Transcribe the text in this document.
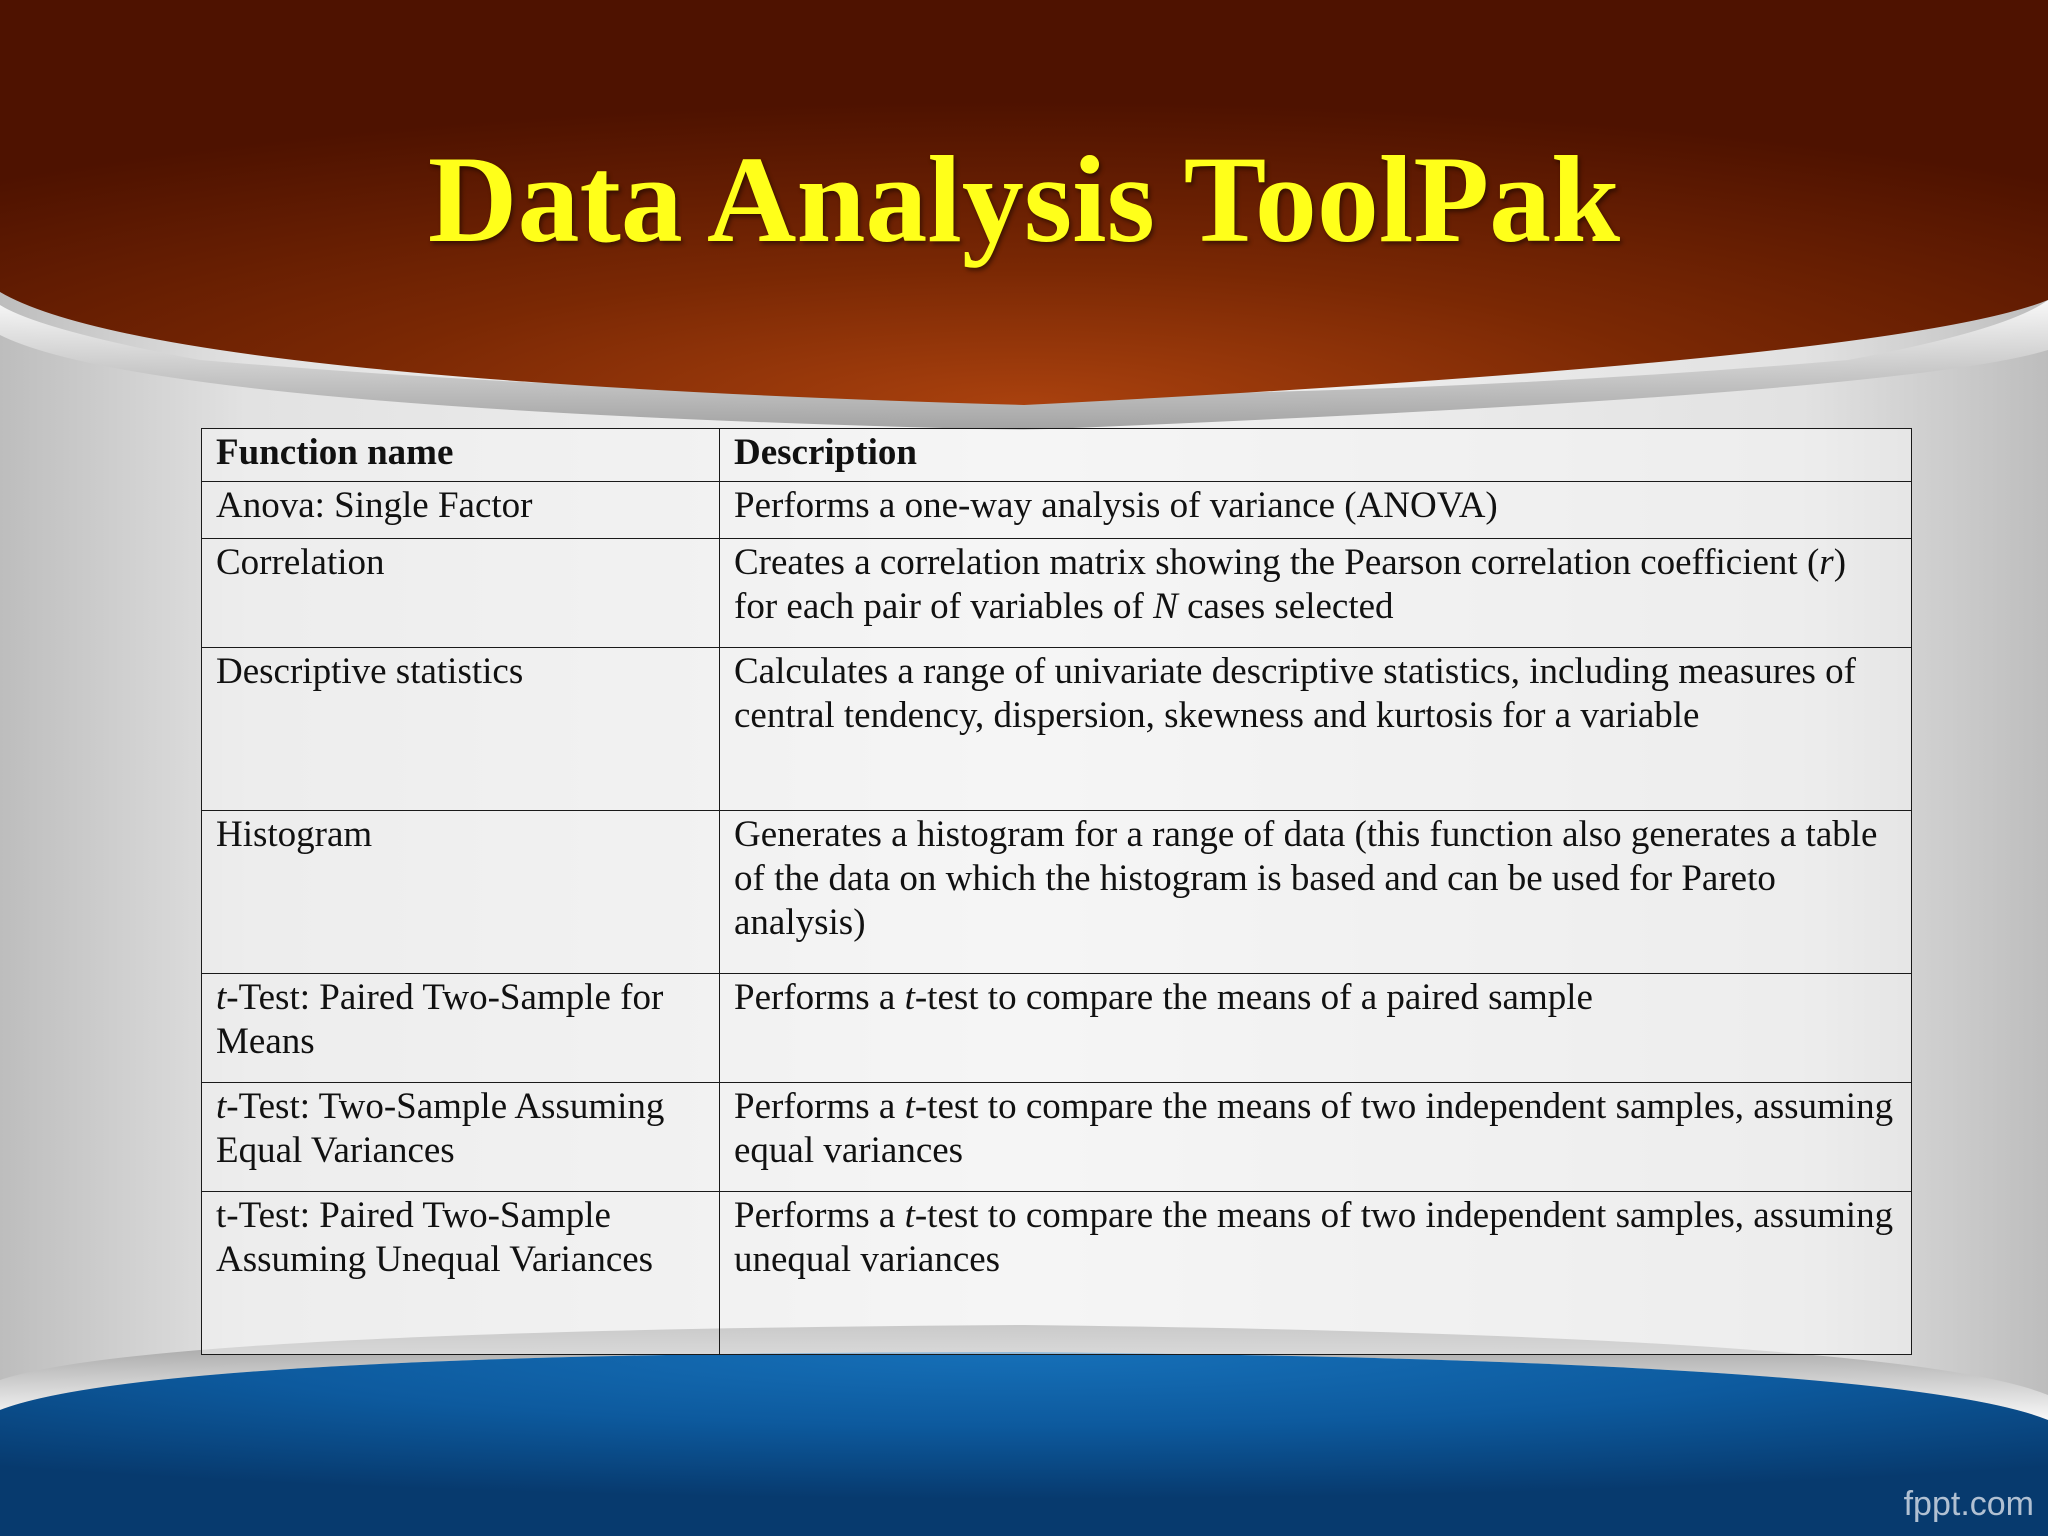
Data Analysis ToolPak
Function name	Description
Anova: Single Factor	Performs a one-way analysis of variance (ANOVA)
Correlation	Creates a correlation matrix showing the Pearson correlation coefficient (r) for each pair of variables of N cases selected
Descriptive statistics	Calculates a range of univariate descriptive statistics, including measures of central tendency, dispersion, skewness and kurtosis for a variable
Histogram	Generates a histogram for a range of data (this function also generates a table of the data on which the histogram is based and can be used for Pareto analysis)
t-Test: Paired Two-Sample for Means	Performs a t-test to compare the means of a paired sample
t-Test: Two-Sample Assuming Equal Variances	Performs a t-test to compare the means of two independent samples, assuming equal variances
t-Test: Paired Two-Sample Assuming Unequal Variances	Performs a t-test to compare the means of two independent samples, assuming unequal variances
fppt.com
